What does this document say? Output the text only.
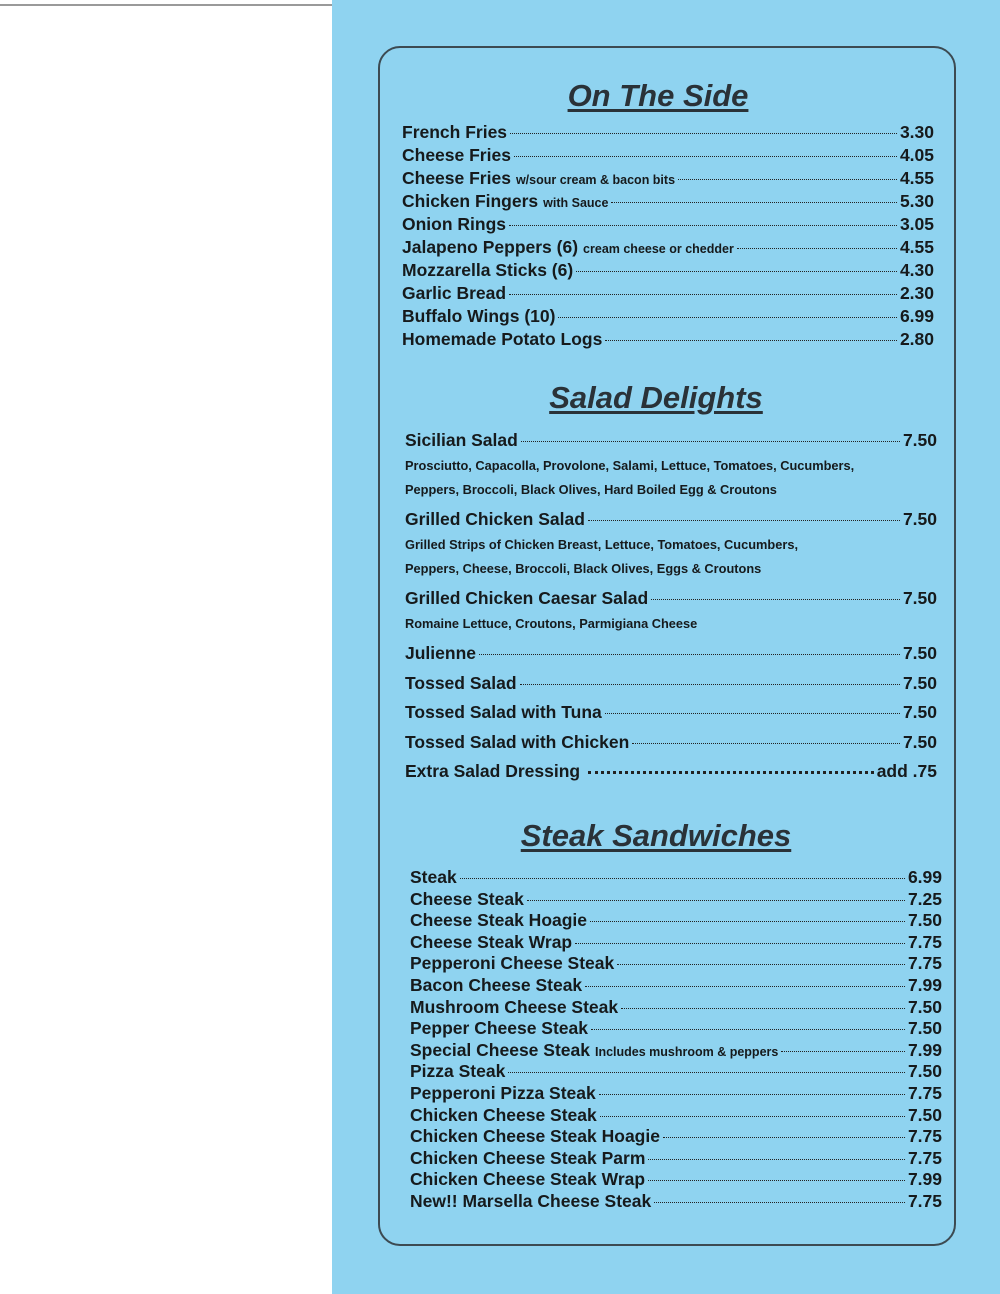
On The Side
French Fries	3.30
Cheese Fries	4.05
Cheese Fries w/sour cream & bacon bits	4.55
Chicken Fingers with Sauce	5.30
Onion Rings	3.05
Jalapeno Peppers (6) cream cheese or chedder	4.55
Mozzarella Sticks (6)	4.30
Garlic Bread	2.30
Buffalo Wings (10)	6.99
Homemade Potato Logs	2.80
Salad Delights
Sicilian Salad	7.50
Prosciutto, Capacolla, Provolone, Salami, Lettuce, Tomatoes, Cucumbers,
Peppers, Broccoli, Black Olives, Hard Boiled Egg & Croutons
Grilled Chicken Salad	7.50
Grilled Strips of Chicken Breast, Lettuce, Tomatoes, Cucumbers,
Peppers, Cheese, Broccoli, Black Olives, Eggs & Croutons
Grilled Chicken Caesar Salad	7.50
Romaine Lettuce, Croutons, Parmigiana Cheese
Julienne	7.50
Tossed Salad	7.50
Tossed Salad with Tuna	7.50
Tossed Salad with Chicken	7.50
Extra Salad Dressing	add .75
Steak Sandwiches
Steak	6.99
Cheese Steak	7.25
Cheese Steak Hoagie	7.50
Cheese Steak Wrap	7.75
Pepperoni Cheese Steak	7.75
Bacon Cheese Steak	7.99
Mushroom Cheese Steak	7.50
Pepper Cheese Steak	7.50
Special Cheese Steak Includes mushroom & peppers	7.99
Pizza Steak	7.50
Pepperoni Pizza Steak	7.75
Chicken Cheese Steak	7.50
Chicken Cheese Steak Hoagie	7.75
Chicken Cheese Steak Parm	7.75
Chicken Cheese Steak Wrap	7.99
New!! Marsella Cheese Steak	7.75
